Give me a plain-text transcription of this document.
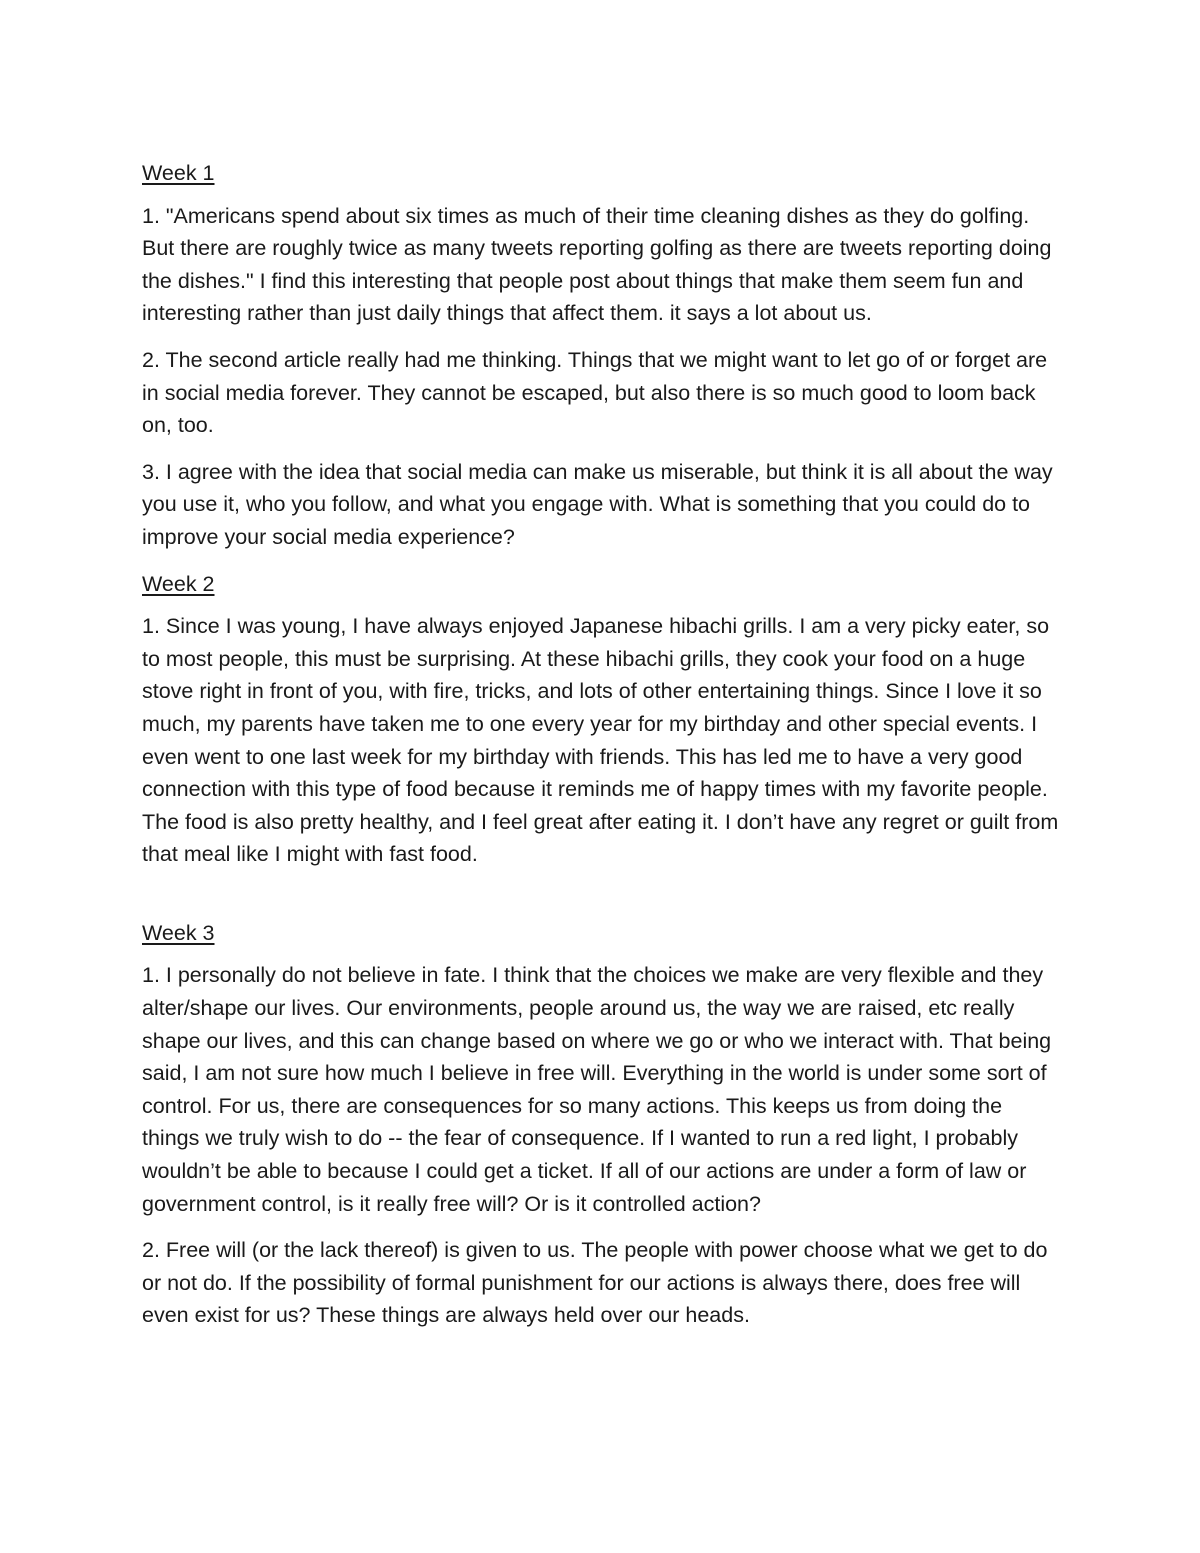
Week 1

1. "Americans spend about six times as much of their time cleaning dishes as they do golfing. But there are roughly twice as many tweets reporting golfing as there are tweets reporting doing the dishes." I find this interesting that people post about things that make them seem fun and interesting rather than just daily things that affect them. it says a lot about us.

2. The second article really had me thinking. Things that we might want to let go of or forget are in social media forever. They cannot be escaped, but also there is so much good to loom back on, too.

3. I agree with the idea that social media can make us miserable, but think it is all about the way you use it, who you follow, and what you engage with. What is something that you could do to improve your social media experience?

Week 2

1. Since I was young, I have always enjoyed Japanese hibachi grills. I am a very picky eater, so to most people, this must be surprising. At these hibachi grills, they cook your food on a huge stove right in front of you, with fire, tricks, and lots of other entertaining things. Since I love it so much, my parents have taken me to one every year for my birthday and other special events. I even went to one last week for my birthday with friends. This has led me to have a very good connection with this type of food because it reminds me of happy times with my favorite people. The food is also pretty healthy, and I feel great after eating it. I don’t have any regret or guilt from that meal like I might with fast food.

Week 3

1. I personally do not believe in fate. I think that the choices we make are very flexible and they alter/shape our lives. Our environments, people around us, the way we are raised, etc really shape our lives, and this can change based on where we go or who we interact with. That being said, I am not sure how much I believe in free will. Everything in the world is under some sort of control. For us, there are consequences for so many actions. This keeps us from doing the things we truly wish to do -- the fear of consequence. If I wanted to run a red light, I probably wouldn’t be able to because I could get a ticket. If all of our actions are under a form of law or government control, is it really free will? Or is it controlled action?

2. Free will (or the lack thereof) is given to us. The people with power choose what we get to do or not do. If the possibility of formal punishment for our actions is always there, does free will even exist for us? These things are always held over our heads.
